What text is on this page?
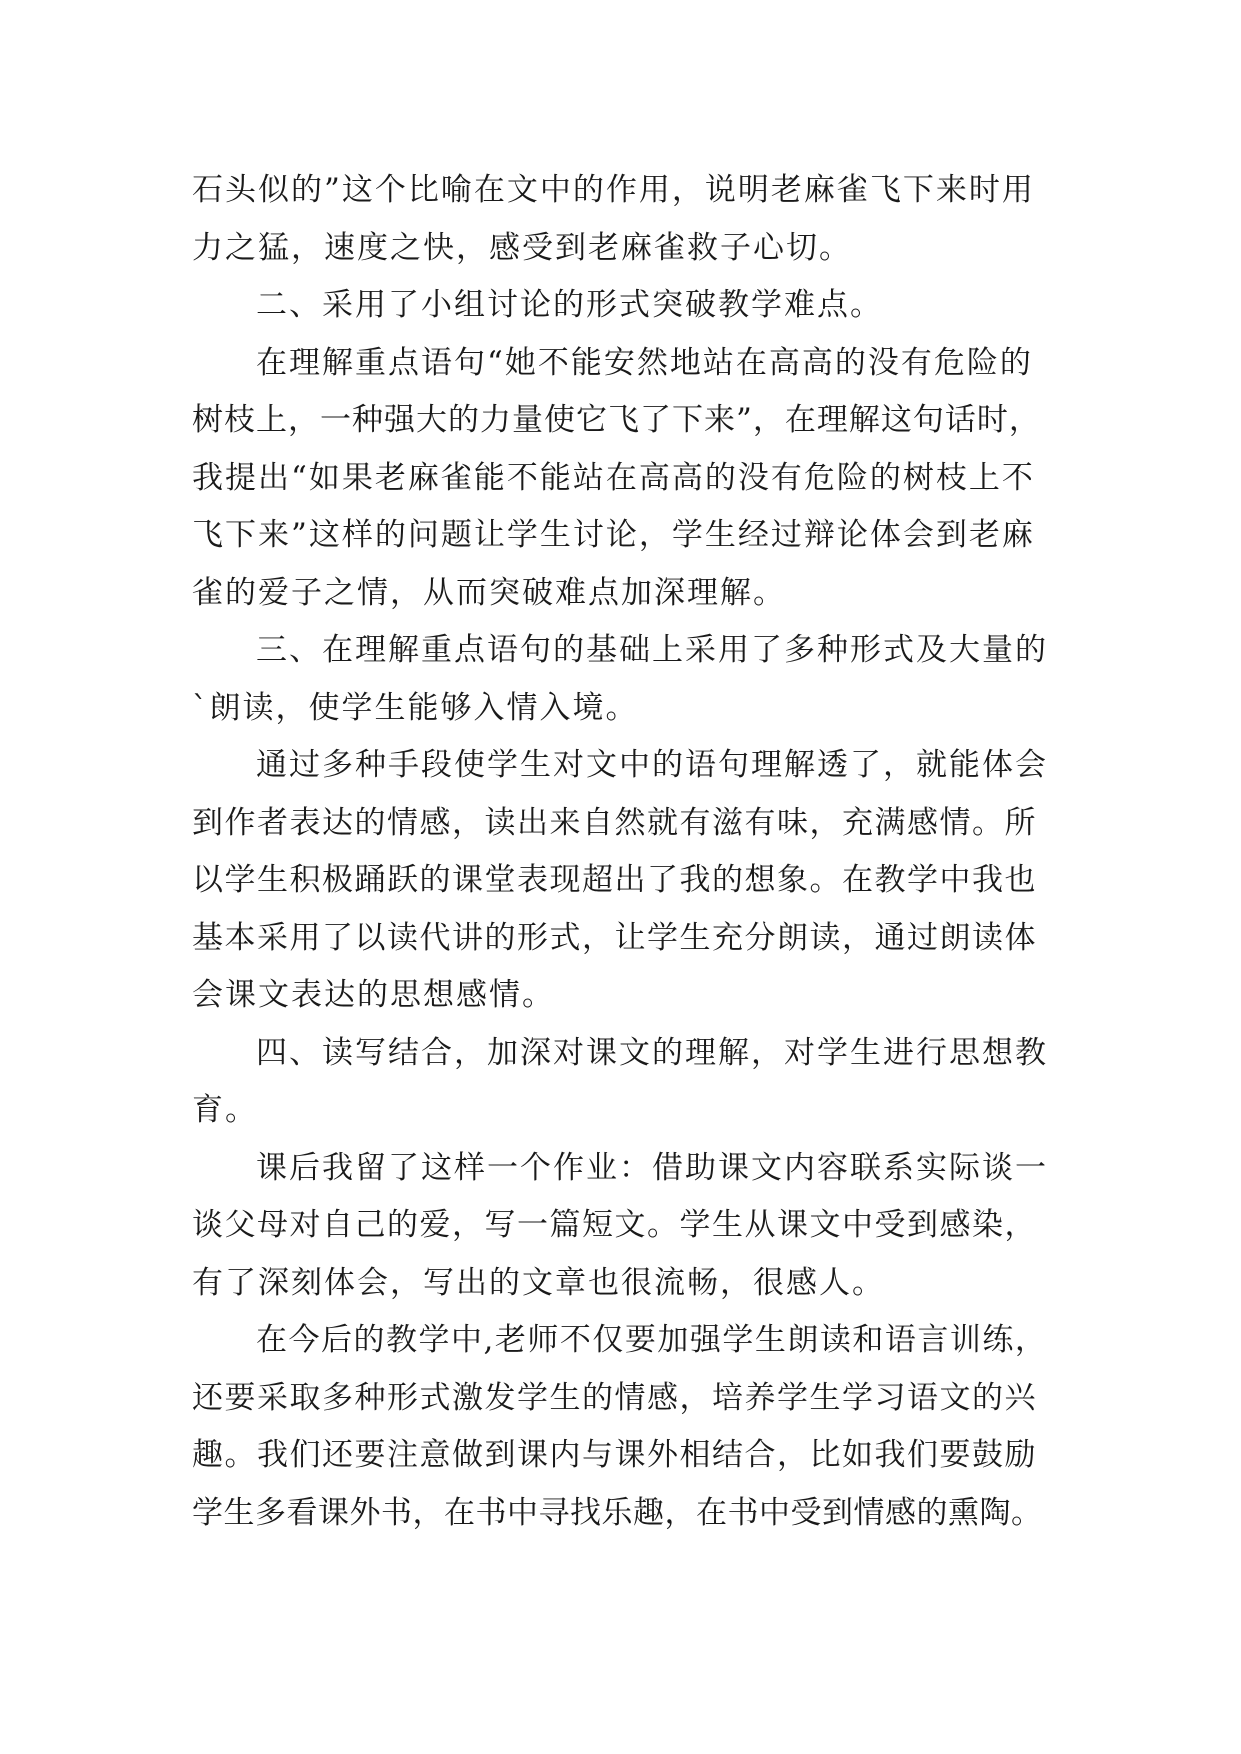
石头似的”这个比喻在文中的作用，说明老麻雀飞下来时用
力之猛，速度之快，感受到老麻雀救子心切。
二、采用了小组讨论的形式突破教学难点。
在理解重点语句“她不能安然地站在高高的没有危险的
树枝上，一种强大的力量使它飞了下来”，在理解这句话时，
我提出“如果老麻雀能不能站在高高的没有危险的树枝上不
飞下来”这样的问题让学生讨论，学生经过辩论体会到老麻
雀的爱子之情，从而突破难点加深理解。
三、在理解重点语句的基础上采用了多种形式及大量的
`朗读，使学生能够入情入境。
通过多种手段使学生对文中的语句理解透了，就能体会
到作者表达的情感，读出来自然就有滋有味，充满感情。所
以学生积极踊跃的课堂表现超出了我的想象。在教学中我也
基本采用了以读代讲的形式，让学生充分朗读，通过朗读体
会课文表达的思想感情。
四、读写结合，加深对课文的理解，对学生进行思想教
育。
课后我留了这样一个作业：借助课文内容联系实际谈一
谈父母对自己的爱，写一篇短文。学生从课文中受到感染，
有了深刻体会，写出的文章也很流畅，很感人。
在今后的教学中,老师不仅要加强学生朗读和语言训练，
还要采取多种形式激发学生的情感，培养学生学习语文的兴
趣。我们还要注意做到课内与课外相结合，比如我们要鼓励
学生多看课外书，在书中寻找乐趣，在书中受到情感的熏陶。
